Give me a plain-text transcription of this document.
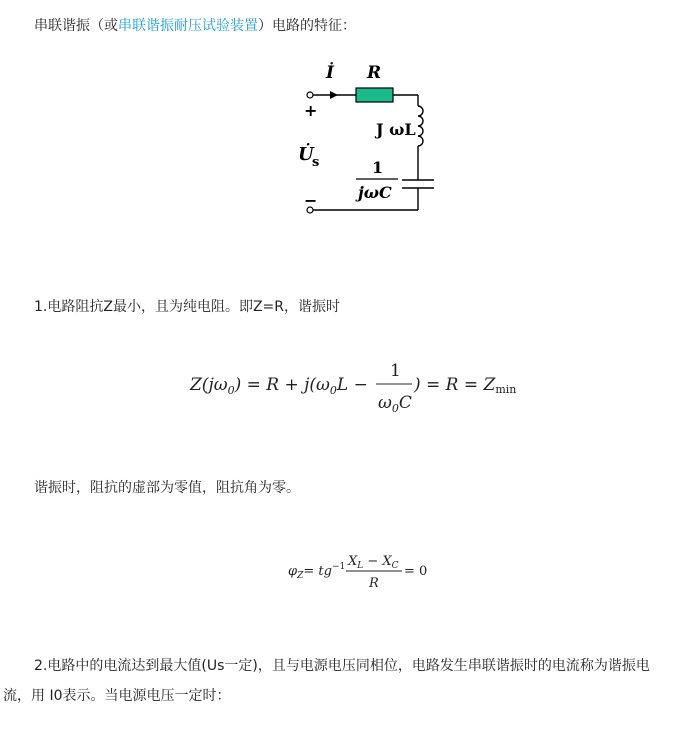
串联谐振（或串联谐振耐压试验装置）电路的特征：
İ R
J ωL
+
U̇
s
−
1
jωC
1.电路阻抗Z最小，且为纯电阻。即Z=R，谐振时
$Z(j\omega_0) = R + j(\omega_0L$ −
1
$\omega_0C$
) = R = Zmin
谐振时，阻抗的虚部为零值，阻抗角为零。
$\varphi_Z= tg^{-1}$ $X_L - X_C$
R
= 0
2.电路中的电流达到最大值(Us一定)，且与电源电压同相位，电路发生串联谐振时的电流称为谐振电
流，用 I0表示。当电源电压一定时：
